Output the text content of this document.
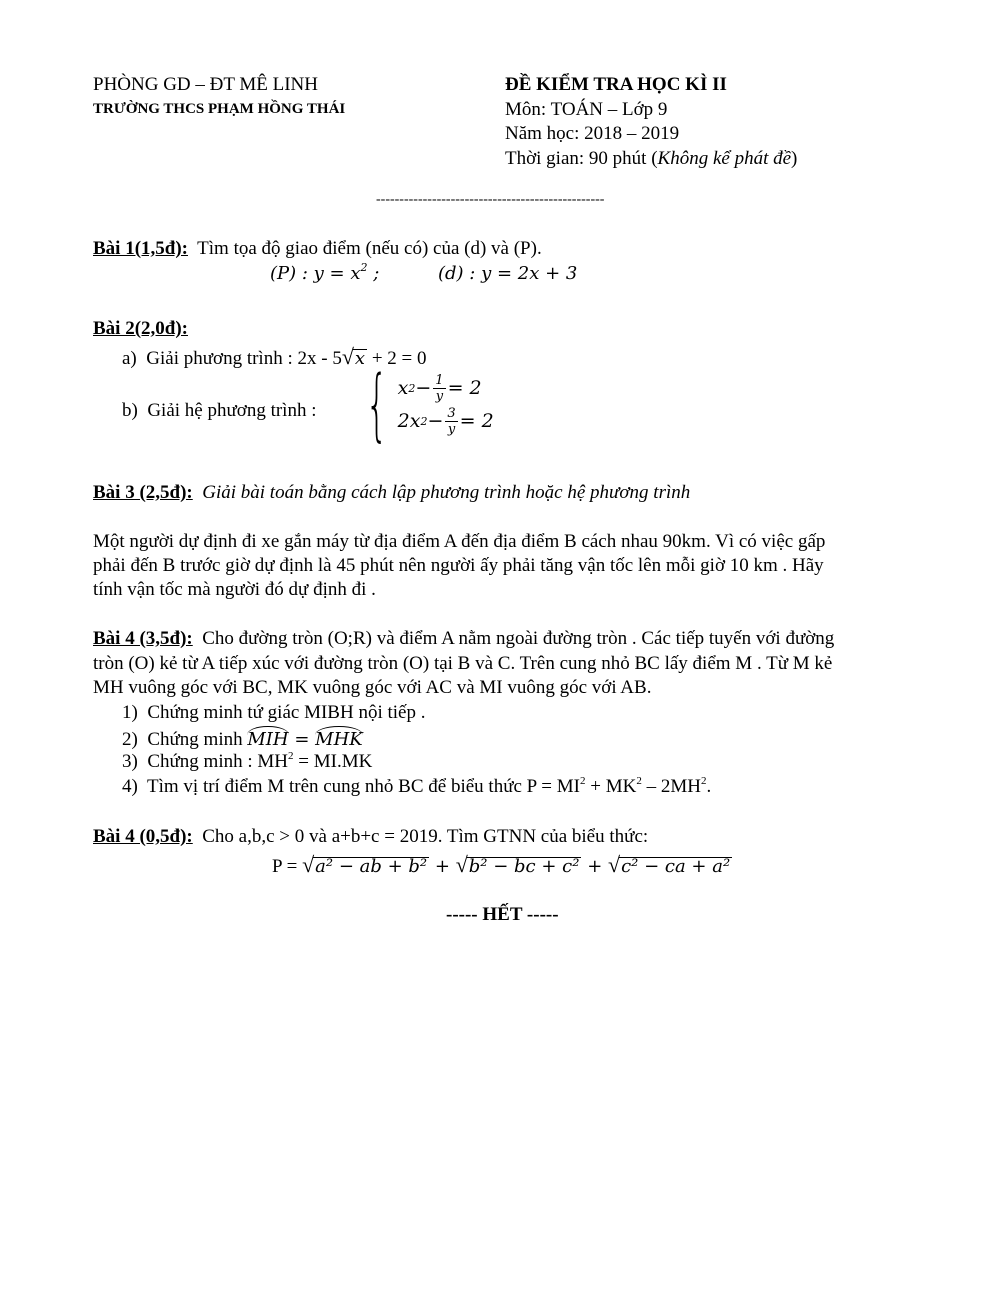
PHÒNG GD – ĐT MÊ LINH
TRƯỜNG THCS PHẠM HỒNG THÁI
ĐỀ KIỂM TRA HỌC KÌ II
Môn: TOÁN – Lớp 9
Năm học: 2018 – 2019
Thời gian: 90 phút (Không kể phát đề)
-------------------------------------------------
Bài 1(1,5đ): Tìm tọa độ giao điểm (nếu có) của (d) và (P).
(P) : $y = x^2$ ;	(d) : y = 2x + 3
Bài 2(2,0đ):
a) Giải phương trình : 2x - 5√x + 2 = 0
b) Giải hệ phương trình : { x $2 - \frac{1}{y} = 2$
2x $2 - \frac{3}{y} = 2$
Bài 3 (2,5đ): Giải bài toán bằng cách lập phương trình hoặc hệ phương trình
Một người dự định đi xe gắn máy từ địa điểm A đến địa điểm B cách nhau 90km. Vì có việc gấp
phải đến B trước giờ dự định là 45 phút nên người ấy phải tăng vận tốc lên mỗi giờ 10 km . Hãy
tính vận tốc mà người đó dự định đi .
Bài 4 (3,5đ): Cho đường tròn (O;R) và điểm A nằm ngoài đường tròn . Các tiếp tuyến với đường
tròn (O) kẻ từ A tiếp xúc với đường tròn (O) tại B và C. Trên cung nhỏ BC lấy điểm M . Từ M kẻ
MH vuông góc với BC, MK vuông góc với AC và MI vuông góc với AB.
1) Chứng minh tứ giác MIBH nội tiếp .
2) Chứng minh MIH = MHK
3) Chứng minh : $MH^2 = MI.MK$
4) Tìm vị trí điểm M trên cung nhỏ BC để biểu thức $P = MI^2 + MK^2 - 2MH^2$.
Bài 4 (0,5đ): Cho a,b,c > 0 và a+b+c = 2019. Tìm GTNN của biểu thức:
P = √a² − ab + b² + √b² − bc + c² + √c² − ca + a²
----- HẾT -----
